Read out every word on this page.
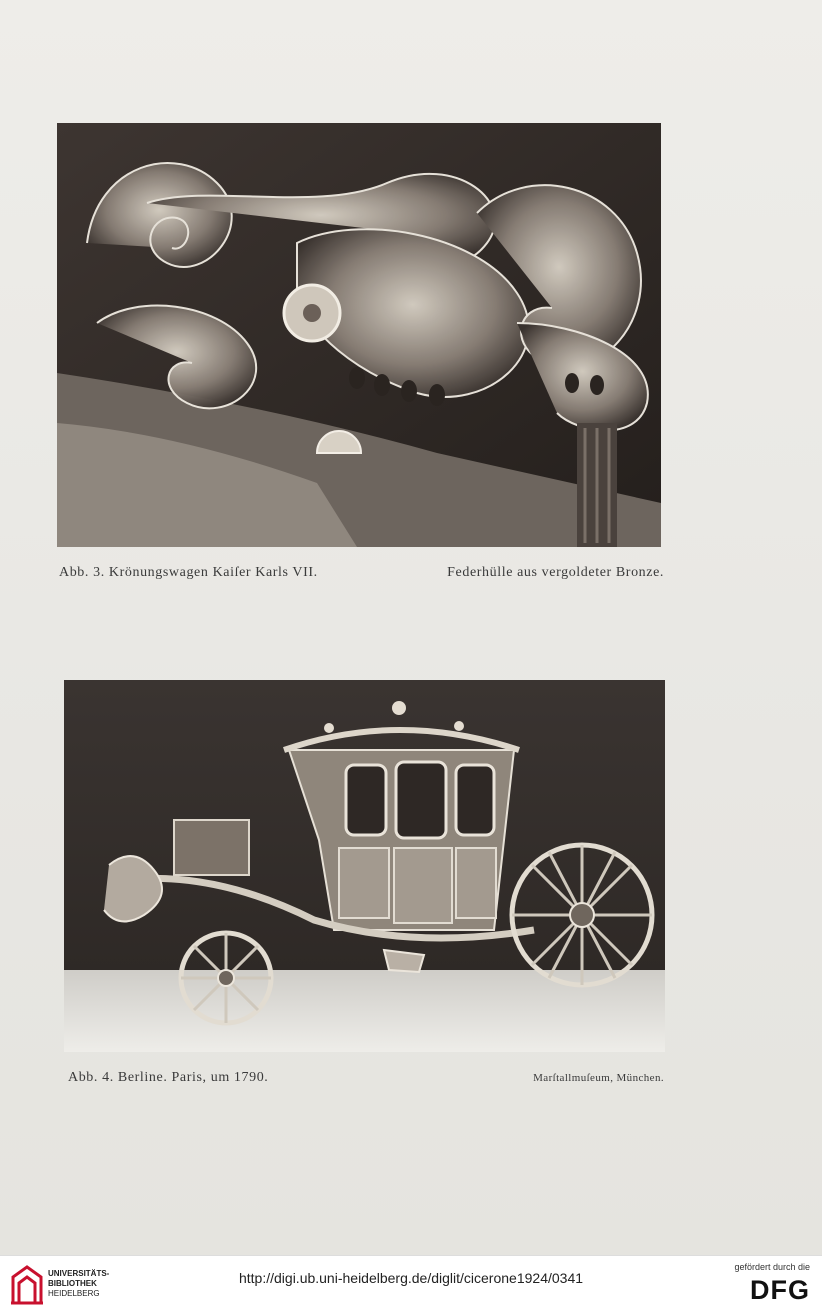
Abb. 3. Krönungswagen Kaiſer Karls VII.	Federhülle aus vergoldeter Bronze.
Abb. 4. Berline. Paris, um 1790.	Marſtallmuſeum, München.
UNIVERSITÄTS-
BIBLIOTHEK
HEIDELBERG
http://digi.ub.uni-heidelberg.de/diglit/cicerone1924/0341
gefördert durch die
DFG
